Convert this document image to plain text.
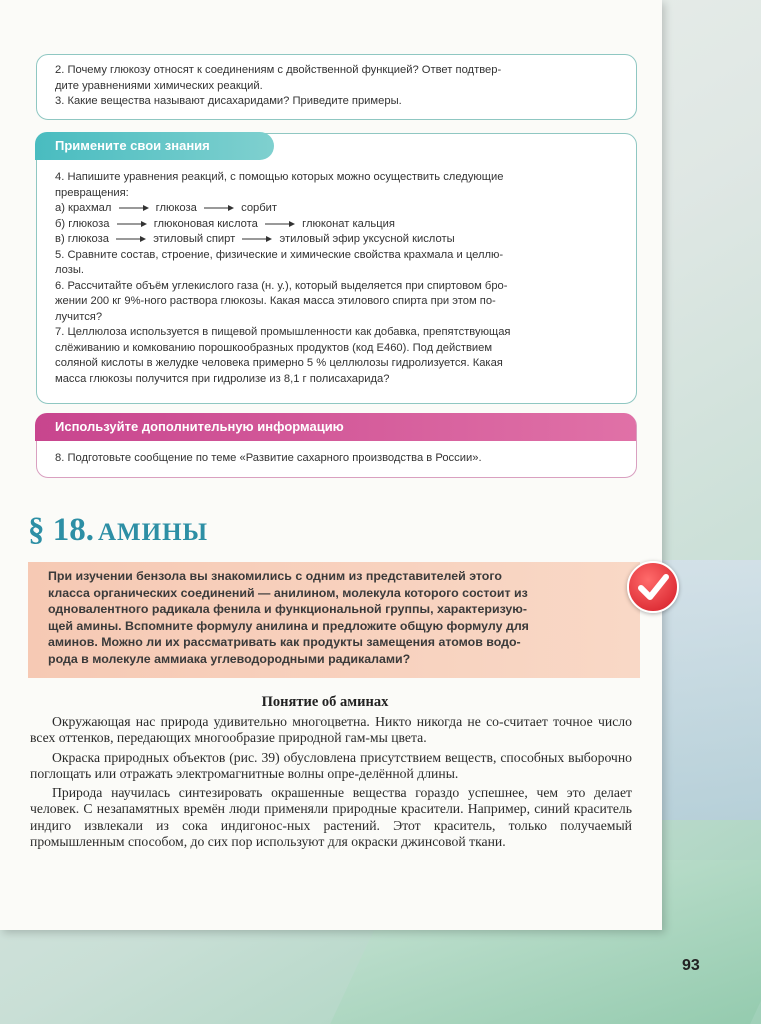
2. Почему глюкозу относят к соединениям с двойственной функцией? Ответ подтвер-
дите уравнениями химических реакций.
3. Какие вещества называют дисахаридами? Приведите примеры.
Примените свои знания
4. Напишите уравнения реакций, с помощью которых можно осуществить следующие
превращения:
а) крахмал	глюкоза	сорбит
б) глюкоза	глюконовая кислота	глюконат кальция
в) глюкоза	этиловый спирт	этиловый эфир уксусной кислоты
5. Сравните состав, строение, физические и химические свойства крахмала и целлю-
лозы.
6. Рассчитайте объём углекислого газа (н. у.), который выделяется при спиртовом бро-
жении 200 кг 9%-ного раствора глюкозы. Какая масса этилового спирта при этом по-
лучится?
7. Целлюлоза используется в пищевой промышленности как добавка, препятствующая
слёживанию и комкованию порошкообразных продуктов (код Е460). Под действием
соляной кислоты в желудке человека примерно 5 % целлюлозы гидролизуется. Какая
масса глюкозы получится при гидролизе из 8,1 г полисахарида?
Используйте дополнительную информацию
8. Подготовьте сообщение по теме «Развитие сахарного производства в России».
§ 18. АМИНЫ
При изучении бензола вы знакомились с одним из представителей этого
класса органических соединений — анилином, молекула которого состоит из
одновалентного радикала фенила и функциональной группы, характеризую-
щей амины. Вспомните формулу анилина и предложите общую формулу для
аминов. Можно ли их рассматривать как продукты замещения атомов водо-
рода в молекуле аммиака углеводородными радикалами?
Понятие об аминах

Окружающая нас природа удивительно многоцветна. Никто никогда не со-считает точное число всех оттенков, передающих многообразие природной гам-мы цвета.

Окраска природных объектов (рис. 39) обусловлена присутствием веществ, способных выборочно поглощать или отражать электромагнитные волны опре-делённой длины.

Природа научилась синтезировать окрашенные вещества гораздо успешнее, чем это делает человек. С незапамятных времён люди применяли природные красители. Например, синий краситель индиго извлекали из сока индигонос-ных растений. Этот краситель, только получаемый промышленным способом, до сих пор используют для окраски джинсовой ткани.

93
